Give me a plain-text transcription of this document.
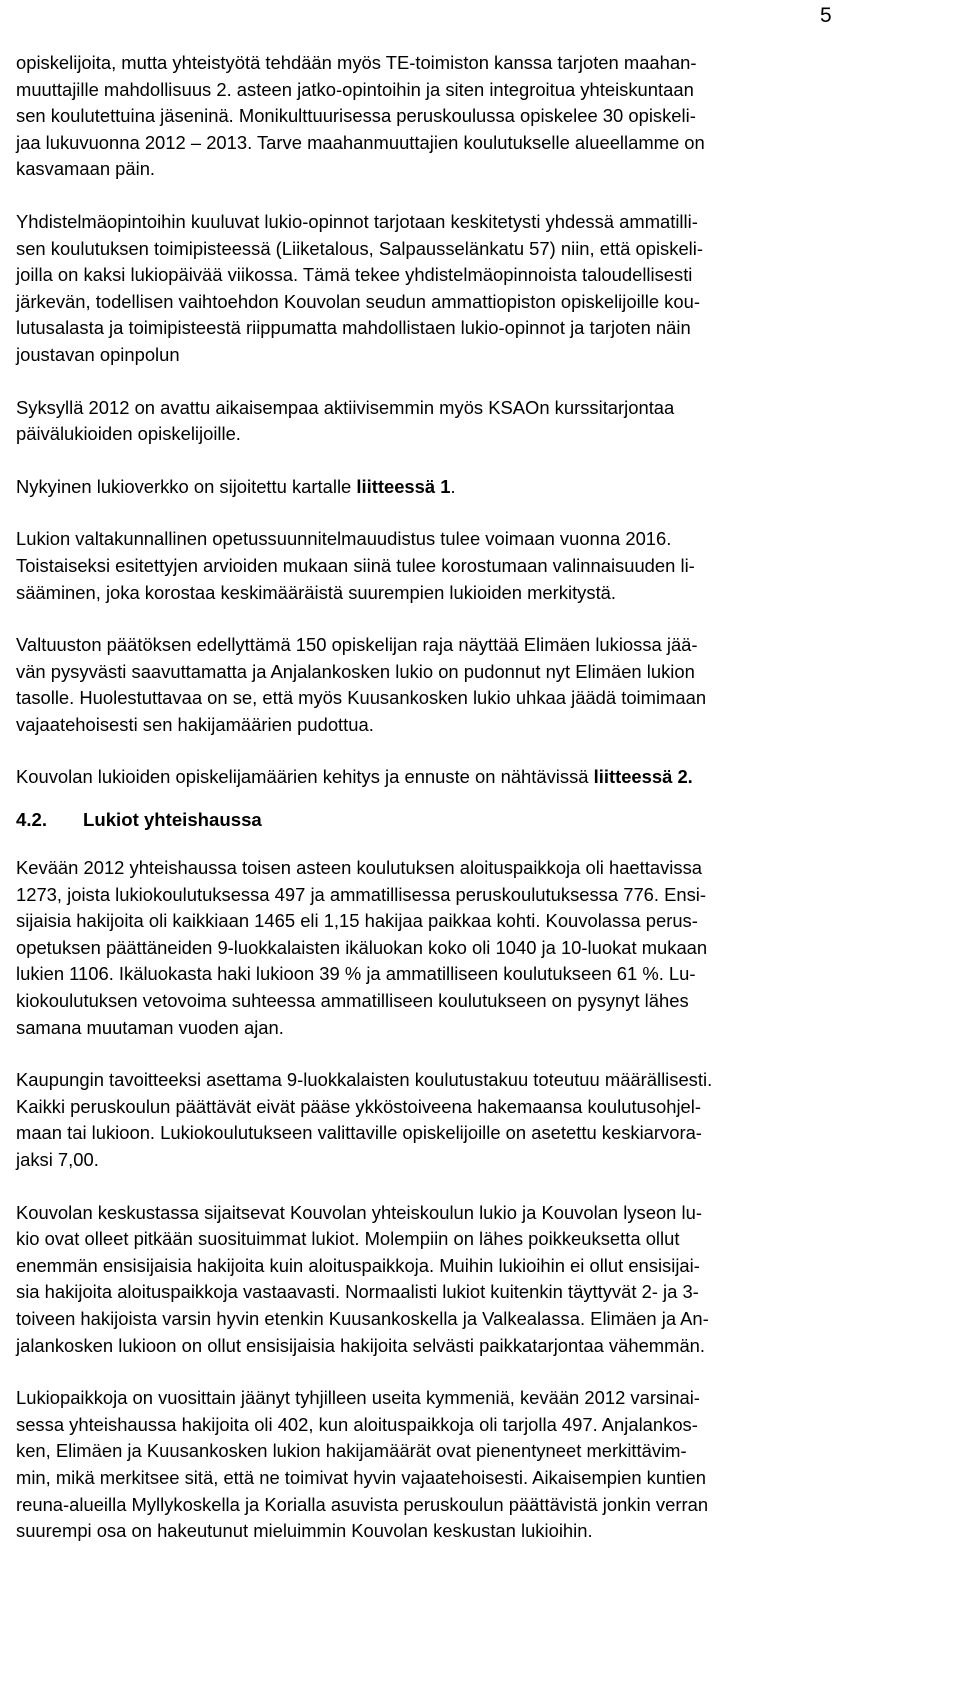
5
opiskelijoita, mutta yhteistyötä tehdään myös TE-toimiston kanssa tarjoten maahan-
muuttajille mahdollisuus 2. asteen jatko-opintoihin ja siten integroitua yhteiskuntaan
sen koulutettuina jäseninä. Monikulttuurisessa peruskoulussa opiskelee 30 opiskeli-
jaa lukuvuonna 2012 – 2013. Tarve maahanmuuttajien koulutukselle alueellamme on
kasvamaan päin.
Yhdistelmäopintoihin kuuluvat lukio-opinnot tarjotaan keskitetysti yhdessä ammatilli-
sen koulutuksen toimipisteessä (Liiketalous, Salpausselänkatu 57) niin, että opiskeli-
joilla on kaksi lukiopäivää viikossa. Tämä tekee yhdistelmäopinnoista taloudellisesti
järkevän, todellisen vaihtoehdon Kouvolan seudun ammattiopiston opiskelijoille kou-
lutusalasta ja toimipisteestä riippumatta mahdollistaen lukio-opinnot ja tarjoten näin
joustavan opinpolun
Syksyllä 2012 on avattu aikaisempaa aktiivisemmin myös KSAOn kurssitarjontaa
päivälukioiden opiskelijoille.
Nykyinen lukioverkko on sijoitettu kartalle liitteessä 1.
Lukion valtakunnallinen opetussuunnitelmauudistus tulee voimaan vuonna 2016.
Toistaiseksi esitettyjen arvioiden mukaan siinä tulee korostumaan valinnaisuuden li-
sääminen, joka korostaa keskimääräistä suurempien lukioiden merkitystä.
Valtuuston päätöksen edellyttämä 150 opiskelijan raja näyttää Elimäen lukiossa jää-
vän pysyvästi saavuttamatta ja Anjalankosken lukio on pudonnut nyt Elimäen lukion
tasolle. Huolestuttavaa on se, että myös Kuusankosken lukio uhkaa jäädä toimimaan
vajaatehoisesti sen hakijamäärien pudottua.
Kouvolan lukioiden opiskelijamäärien kehitys ja ennuste on nähtävissä liitteessä 2.
4.2.	Lukiot yhteishaussa
Kevään 2012 yhteishaussa toisen asteen koulutuksen aloituspaikkoja oli haettavissa
1273, joista lukiokoulutuksessa 497 ja ammatillisessa peruskoulutuksessa 776. Ensi-
sijaisia hakijoita oli kaikkiaan 1465 eli 1,15 hakijaa paikkaa kohti. Kouvolassa perus-
opetuksen päättäneiden 9-luokkalaisten ikäluokan koko oli 1040 ja 10-luokat mukaan
lukien 1106. Ikäluokasta haki lukioon 39 % ja ammatilliseen koulutukseen 61 %. Lu-
kiokoulutuksen vetovoima suhteessa ammatilliseen koulutukseen on pysynyt lähes
samana muutaman vuoden ajan.
Kaupungin tavoitteeksi asettama 9-luokkalaisten koulutustakuu toteutuu määrällisesti.
Kaikki peruskoulun päättävät eivät pääse ykköstoiveena hakemaansa koulutusohjel-
maan tai lukioon. Lukiokoulutukseen valittaville opiskelijoille on asetettu keskiarvora-
jaksi 7,00.
Kouvolan keskustassa sijaitsevat Kouvolan yhteiskoulun lukio ja Kouvolan lyseon lu-
kio ovat olleet pitkään suosituimmat lukiot. Molempiin on lähes poikkeuksetta ollut
enemmän ensisijaisia hakijoita kuin aloituspaikkoja. Muihin lukioihin ei ollut ensisijai-
sia hakijoita aloituspaikkoja vastaavasti. Normaalisti lukiot kuitenkin täyttyvät 2- ja 3-
toiveen hakijoista varsin hyvin etenkin Kuusankoskella ja Valkealassa. Elimäen ja An-
jalankosken lukioon on ollut ensisijaisia hakijoita selvästi paikkatarjontaa vähemmän.
Lukiopaikkoja on vuosittain jäänyt tyhjilleen useita kymmeniä, kevään 2012 varsinai-
sessa yhteishaussa hakijoita oli 402, kun aloituspaikkoja oli tarjolla 497. Anjalankos-
ken, Elimäen ja Kuusankosken lukion hakijamäärät ovat pienentyneet merkittävim-
min, mikä merkitsee sitä, että ne toimivat hyvin vajaatehoisesti. Aikaisempien kuntien
reuna-alueilla Myllykoskella ja Korialla asuvista peruskoulun päättävistä jonkin verran
suurempi osa on hakeutunut mieluimmin Kouvolan keskustan lukioihin.
